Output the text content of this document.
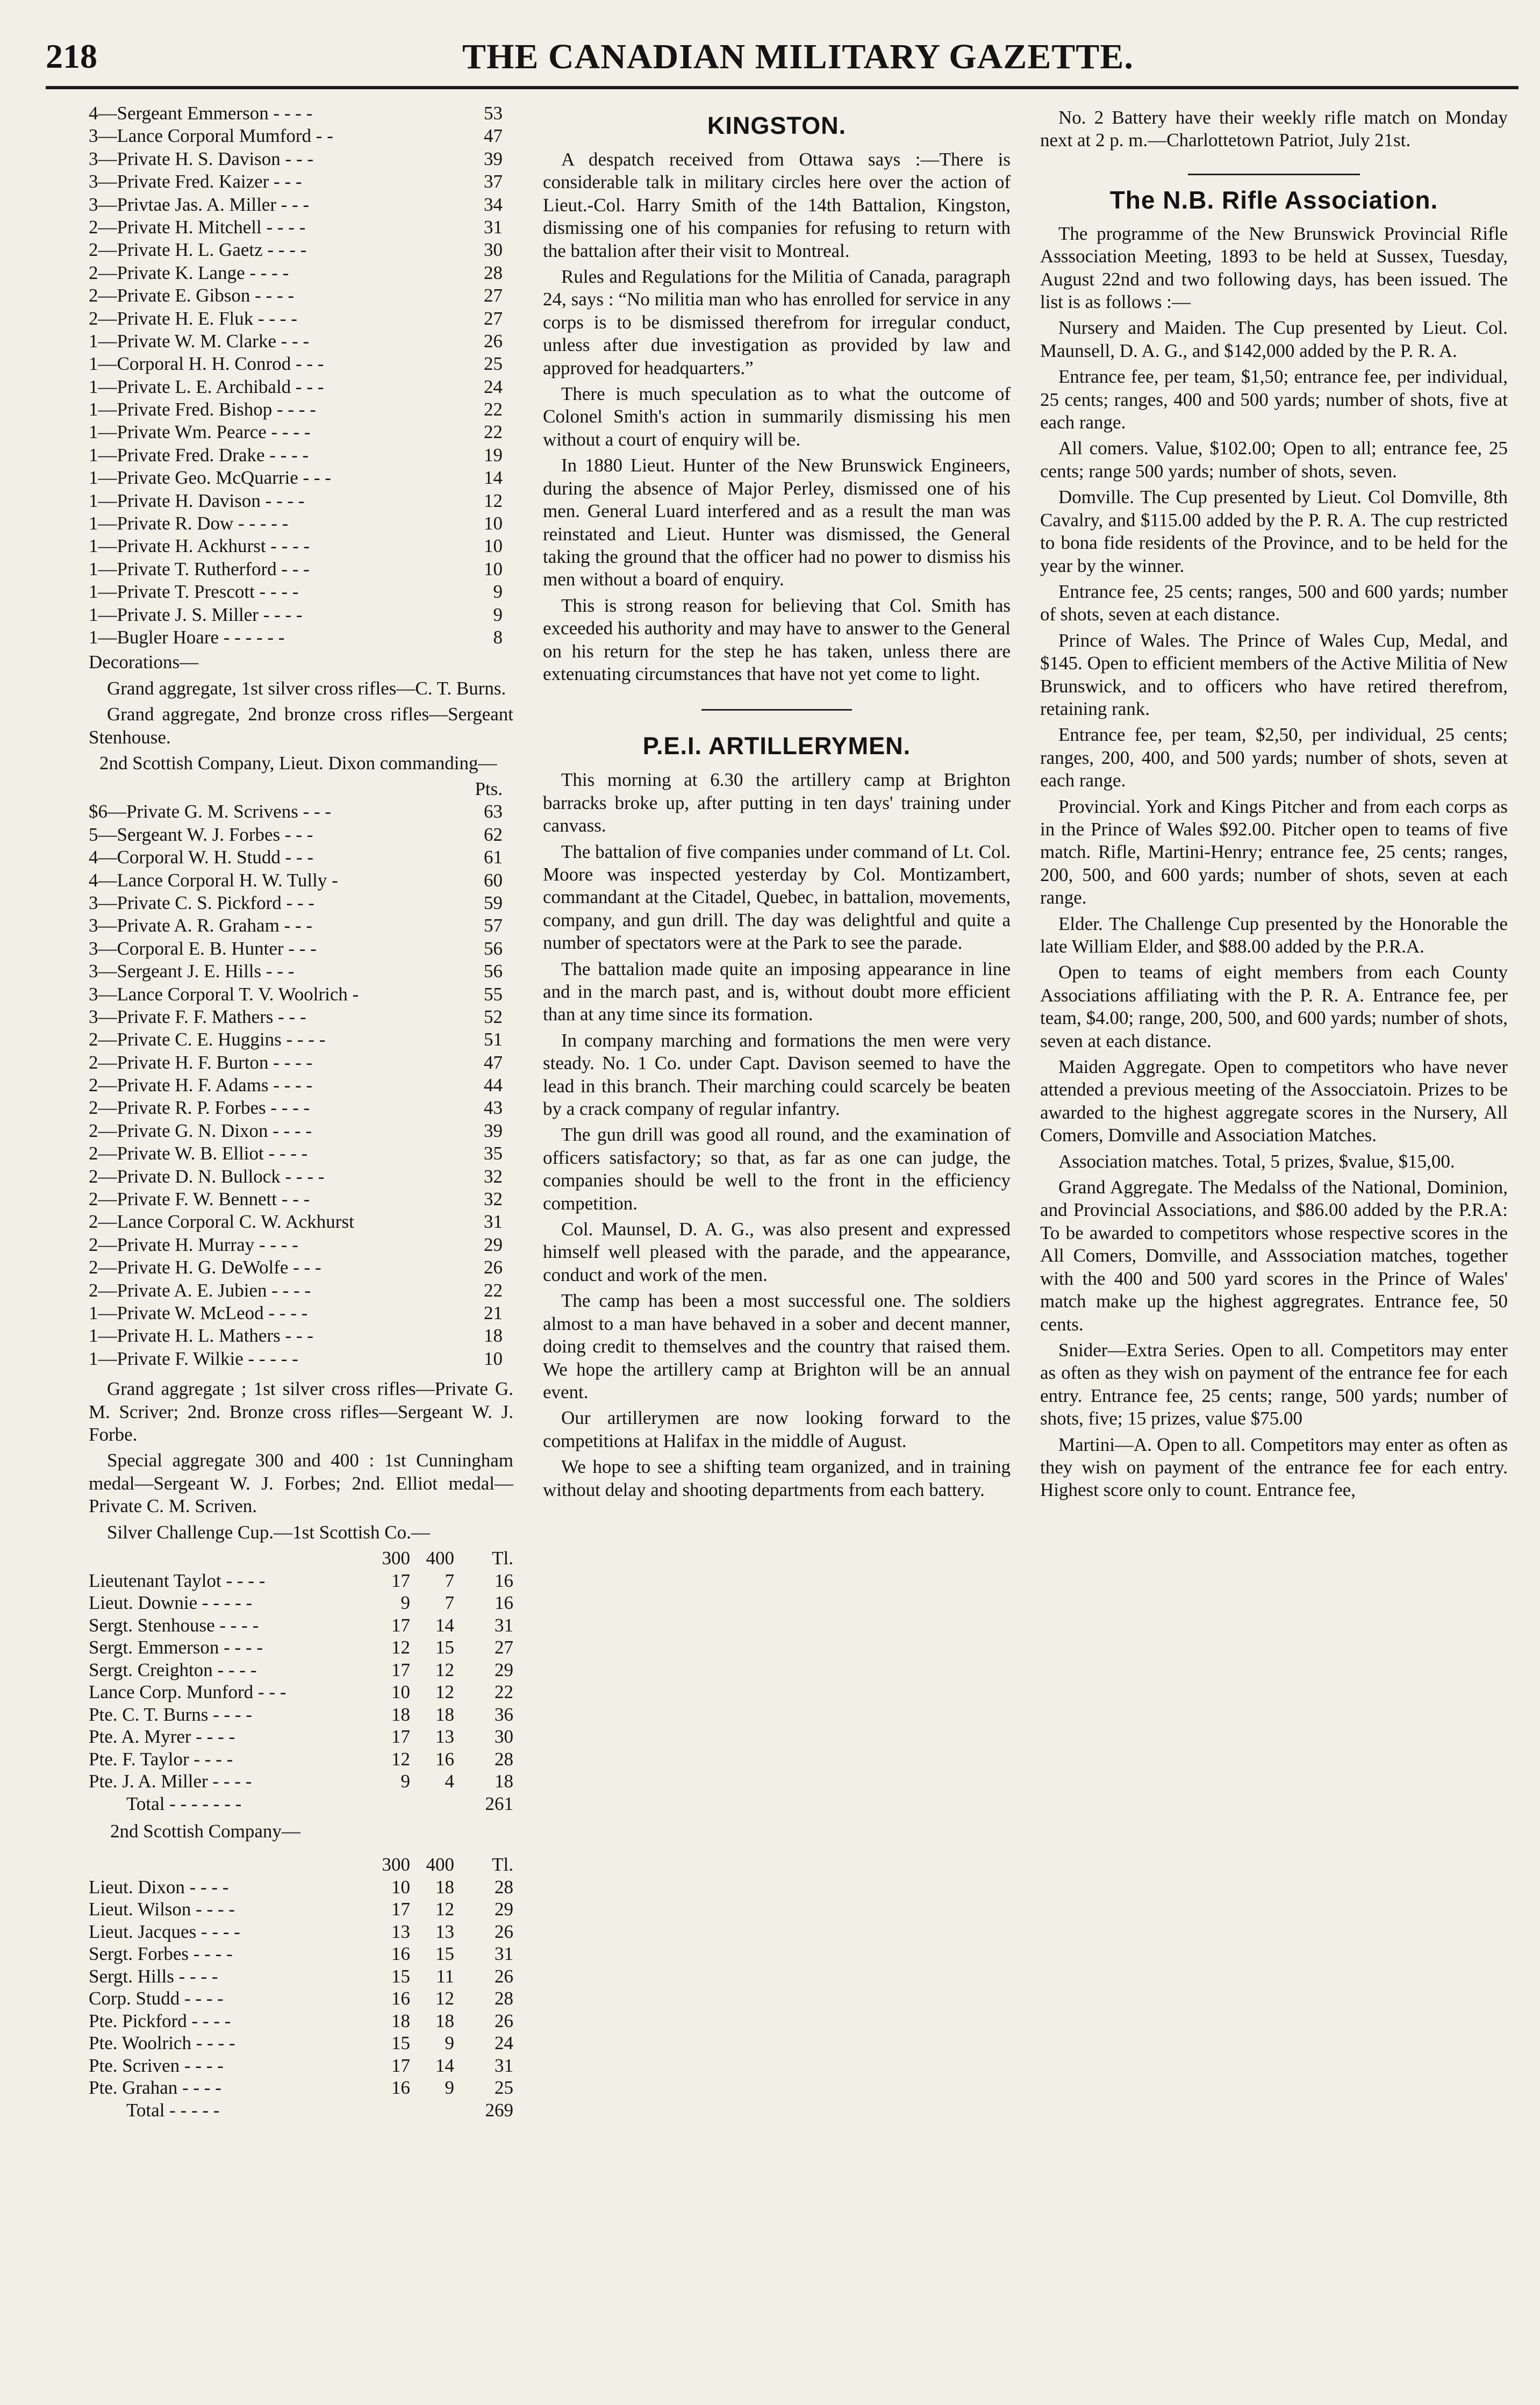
218	THE CANADIAN MILITARY GAZETTE.
4—Sergeant Emmerson - - - -	53
3—Lance Corporal Mumford - -	47
3—Private H. S. Davison - - -	39
3—Private Fred. Kaizer - - -	37
3—Privtae Jas. A. Miller - - -	34
2—Private H. Mitchell - - - -	31
2—Private H. L. Gaetz - - - -	30
2—Private K. Lange - - - -	28
2—Private E. Gibson - - - -	27
2—Private H. E. Fluk - - - -	27
1—Private W. M. Clarke - - -	26
1—Corporal H. H. Conrod - - -	25
1—Private L. E. Archibald - - -	24
1—Private Fred. Bishop - - - -	22
1—Private Wm. Pearce - - - -	22
1—Private Fred. Drake - - - -	19
1—Private Geo. McQuarrie - - -	14
1—Private H. Davison - - - -	12
1—Private R. Dow - - - - -	10
1—Private H. Ackhurst - - - -	10
1—Private T. Rutherford - - -	10
1—Private T. Prescott - - - -	9
1—Private J. S. Miller - - - -	9
1—Bugler Hoare - - - - - -	8

Decorations—

Grand aggregate, 1st silver cross rifles—C. T. Burns.

Grand aggregate, 2nd bronze cross rifles—Sergeant Stenhouse.

2nd Scottish Company, Lieut. Dixon commanding—

Pts.
$6—Private G. M. Scrivens - - -	63
5—Sergeant W. J. Forbes - - -	62
4—Corporal W. H. Studd - - -	61
4—Lance Corporal H. W. Tully -	60
3—Private C. S. Pickford - - -	59
3—Private A. R. Graham - - -	57
3—Corporal E. B. Hunter - - -	56
3—Sergeant J. E. Hills - - -	56
3—Lance Corporal T. V. Woolrich -	55
3—Private F. F. Mathers - - -	52
2—Private C. E. Huggins - - - -	51
2—Private H. F. Burton - - - -	47
2—Private H. F. Adams - - - -	44
2—Private R. P. Forbes - - - -	43
2—Private G. N. Dixon - - - -	39
2—Private W. B. Elliot - - - -	35
2—Private D. N. Bullock - - - -	32
2—Private F. W. Bennett - - -	32
2—Lance Corporal C. W. Ackhurst	31
2—Private H. Murray - - - -	29
2—Private H. G. DeWolfe - - -	26
2—Private A. E. Jubien - - - -	22
1—Private W. McLeod - - - -	21
1—Private H. L. Mathers - - -	18
1—Private F. Wilkie - - - - -	10

Grand aggregate ; 1st silver cross rifles—Private G. M. Scriver; 2nd. Bronze cross rifles—Sergeant W. J. Forbe.

Special aggregate 300 and 400 : 1st Cunningham medal—Sergeant W. J. Forbes; 2nd. Elliot medal—Private C. M. Scriven.

Silver Challenge Cup.—1st Scottish Co.—

	300	400	Tl.
Lieutenant Taylot - - - -	17	7	16
Lieut. Downie - - - - -	9	7	16
Sergt. Stenhouse - - - -	17	14	31
Sergt. Emmerson - - - -	12	15	27
Sergt. Creighton - - - -	17	12	29
Lance Corp. Munford - - -	10	12	22
Pte. C. T. Burns - - - -	18	18	36
Pte. A. Myrer - - - -	17	13	30
Pte. F. Taylor - - - -	12	16	28
Pte. J. A. Miller - - - -	9	4	18
Total - - - - - - -			261

2nd Scottish Company—

	300	400	Tl.
Lieut. Dixon - - - -	10	18	28
Lieut. Wilson - - - -	17	12	29
Lieut. Jacques - - - -	13	13	26
Sergt. Forbes - - - -	16	15	31
Sergt. Hills - - - -	15	11	26
Corp. Studd - - - -	16	12	28
Pte. Pickford - - - -	18	18	26
Pte. Woolrich - - - -	15	9	24
Pte. Scriven - - - -	17	14	31
Pte. Grahan - - - -	16	9	25
Total - - - - -			269
KINGSTON.

A despatch received from Ottawa says :—There is considerable talk in military circles here over the action of Lieut.-Col. Harry Smith of the 14th Battalion, Kingston, dismissing one of his companies for refusing to return with the battalion after their visit to Montreal.

Rules and Regulations for the Militia of Canada, paragraph 24, says : “No militia man who has enrolled for service in any corps is to be dismissed therefrom for irregular conduct, unless after due investigation as provided by law and approved for headquarters.”

There is much speculation as to what the outcome of Colonel Smith's action in summarily dismissing his men without a court of enquiry will be.

In 1880 Lieut. Hunter of the New Brunswick Engineers, during the absence of Major Perley, dismissed one of his men. General Luard interfered and as a result the man was reinstated and Lieut. Hunter was dismissed, the General taking the ground that the officer had no power to dismiss his men without a board of enquiry.

This is strong reason for believing that Col. Smith has exceeded his authority and may have to answer to the General on his return for the step he has taken, unless there are extenuating circumstances that have not yet come to light.

P.E.I. ARTILLERYMEN.

This morning at 6.30 the artillery camp at Brighton barracks broke up, after putting in ten days' training under canvass.

The battalion of five companies under command of Lt. Col. Moore was inspected yesterday by Col. Montizambert, commandant at the Citadel, Quebec, in battalion, movements, company, and gun drill. The day was delightful and quite a number of spectators were at the Park to see the parade.

The battalion made quite an imposing appearance in line and in the march past, and is, without doubt more efficient than at any time since its formation.

In company marching and formations the men were very steady. No. 1 Co. under Capt. Davison seemed to have the lead in this branch. Their marching could scarcely be beaten by a crack company of regular infantry.

The gun drill was good all round, and the examination of officers satisfactory; so that, as far as one can judge, the companies should be well to the front in the efficiency competition.

Col. Maunsel, D. A. G., was also present and expressed himself well pleased with the parade, and the appearance, conduct and work of the men.

The camp has been a most successful one. The soldiers almost to a man have behaved in a sober and decent manner, doing credit to themselves and the country that raised them. We hope the artillery camp at Brighton will be an annual event.

Our artillerymen are now looking forward to the competitions at Halifax in the middle of August.

We hope to see a shifting team organized, and in training without delay and shooting departments from each battery.

No. 2 Battery have their weekly rifle match on Monday next at 2 p. m.—Charlottetown Patriot, July 21st.

The N.B. Rifle Association.

The programme of the New Brunswick Provincial Rifle Asssociation Meeting, 1893 to be held at Sussex, Tuesday, August 22nd and two following days, has been issued. The list is as follows :—

Nursery and Maiden. The Cup presented by Lieut. Col. Maunsell, D. A. G., and $142,000 added by the P. R. A.

Entrance fee, per team, $1,50; entrance fee, per individual, 25 cents; ranges, 400 and 500 yards; number of shots, five at each range.

All comers. Value, $102.00; Open to all; entrance fee, 25 cents; range 500 yards; number of shots, seven.

Domville. The Cup presented by Lieut. Col Domville, 8th Cavalry, and $115.00 added by the P. R. A. The cup restricted to bona fide residents of the Province, and to be held for the year by the winner.

Entrance fee, 25 cents; ranges, 500 and 600 yards; number of shots, seven at each distance.

Prince of Wales. The Prince of Wales Cup, Medal, and $145. Open to efficient members of the Active Militia of New Brunswick, and to officers who have retired therefrom, retaining rank.

Entrance fee, per team, $2,50, per individual, 25 cents; ranges, 200, 400, and 500 yards; number of shots, seven at each range.

Provincial. York and Kings Pitcher and from each corps as in the Prince of Wales $92.00. Pitcher open to teams of five match. Rifle, Martini-Henry; entrance fee, 25 cents; ranges, 200, 500, and 600 yards; number of shots, seven at each range.

Elder. The Challenge Cup presented by the Honorable the late William Elder, and $88.00 added by the P.R.A.

Open to teams of eight members from each County Associations affiliating with the P. R. A. Entrance fee, per team, $4.00; range, 200, 500, and 600 yards; number of shots, seven at each distance.

Maiden Aggregate. Open to competitors who have never attended a previous meeting of the Assocciatoin. Prizes to be awarded to the highest aggregate scores in the Nursery, All Comers, Domville and Association Matches.

Association matches. Total, 5 prizes, $value, $15,00.

Grand Aggregate. The Medalss of the National, Dominion, and Provincial Associations, and $86.00 added by the P.R.A: To be awarded to competitors whose respective scores in the All Comers, Domville, and Asssociation matches, together with the 400 and 500 yard scores in the Prince of Wales' match make up the highest aggregrates. Entrance fee, 50 cents.

Snider—Extra Series. Open to all. Competitors may enter as often as they wish on payment of the entrance fee for each entry. Entrance fee, 25 cents; range, 500 yards; number of shots, five; 15 prizes, value $75.00

Martini—A. Open to all. Competitors may enter as often as they wish on payment of the entrance fee for each entry. Highest score only to count. Entrance fee,
